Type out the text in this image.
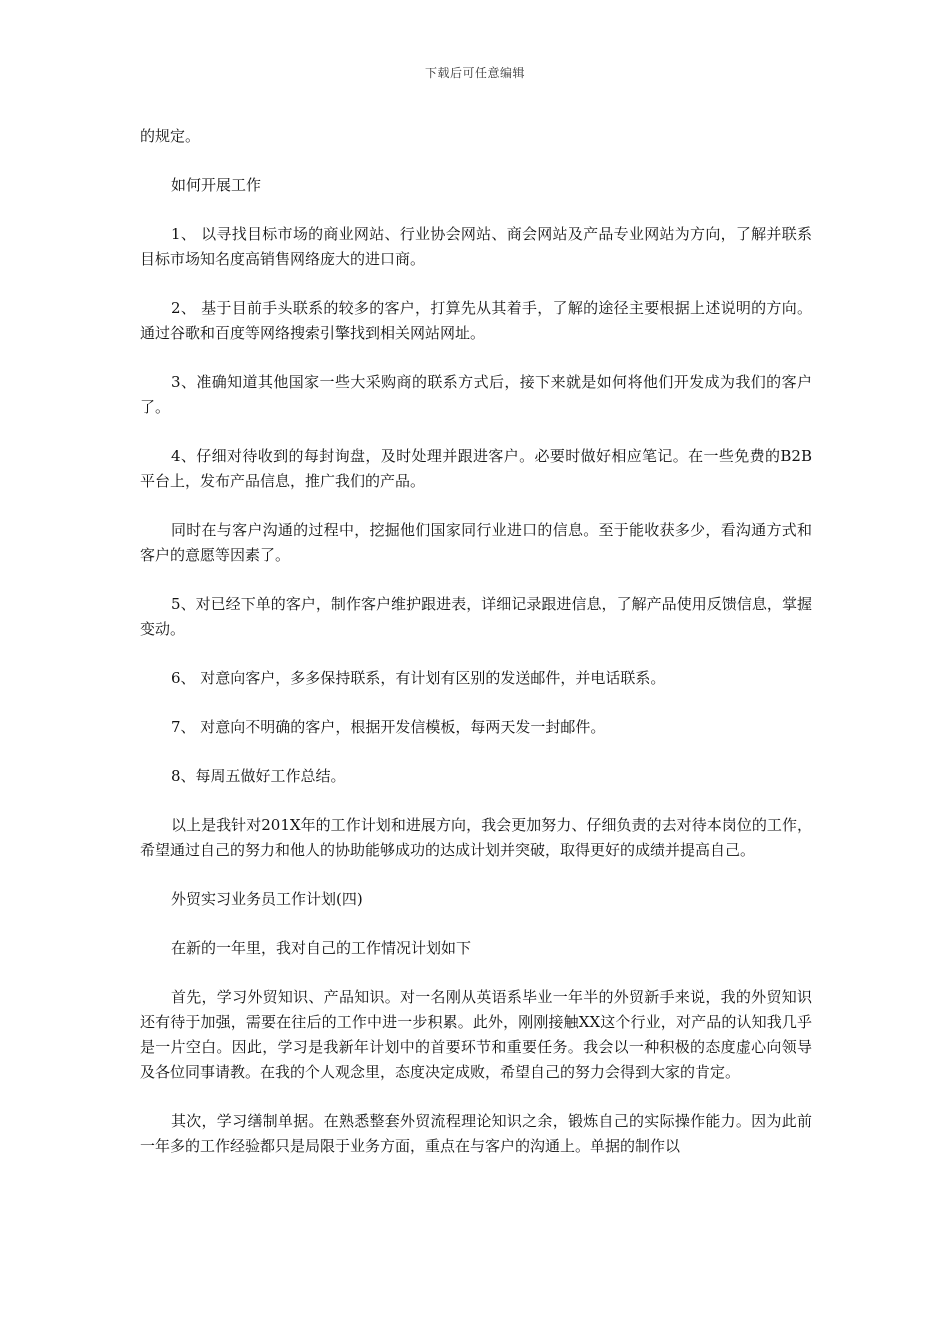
下载后可任意编辑

的规定。

如何开展工作

1、 以寻找目标市场的商业网站、行业协会网站、商会网站及产品专业网站为方向，了解并联系目标市场知名度高销售网络庞大的进口商。

2、 基于目前手头联系的较多的客户，打算先从其着手，了解的途径主要根据上述说明的方向。通过谷歌和百度等网络搜索引擎找到相关网站网址。

3、准确知道其他国家一些大采购商的联系方式后，接下来就是如何将他们开发成为我们的客户了。

4、仔细对待收到的每封询盘，及时处理并跟进客户。必要时做好相应笔记。在一些免费的B2B平台上，发布产品信息，推广我们的产品。

同时在与客户沟通的过程中，挖掘他们国家同行业进口的信息。至于能收获多少，看沟通方式和客户的意愿等因素了。

5、对已经下单的客户，制作客户维护跟进表，详细记录跟进信息，了解产品使用反馈信息，掌握变动。

6、 对意向客户，多多保持联系，有计划有区别的发送邮件，并电话联系。

7、 对意向不明确的客户，根据开发信模板，每两天发一封邮件。

8、每周五做好工作总结。

以上是我针对201X年的工作计划和进展方向，我会更加努力、仔细负责的去对待本岗位的工作，希望通过自己的努力和他人的协助能够成功的达成计划并突破，取得更好的成绩并提高自己。

外贸实习业务员工作计划(四)

在新的一年里，我对自己的工作情况计划如下

首先，学习外贸知识、产品知识。对一名刚从英语系毕业一年半的外贸新手来说，我的外贸知识还有待于加强，需要在往后的工作中进一步积累。此外，刚刚接触XX这个行业，对产品的认知我几乎是一片空白。因此，学习是我新年计划中的首要环节和重要任务。我会以一种积极的态度虚心向领导及各位同事请教。在我的个人观念里，态度决定成败，希望自己的努力会得到大家的肯定。

其次，学习缮制单据。在熟悉整套外贸流程理论知识之余，锻炼自己的实际操作能力。因为此前一年多的工作经验都只是局限于业务方面，重点在与客户的沟通上。单据的制作以
